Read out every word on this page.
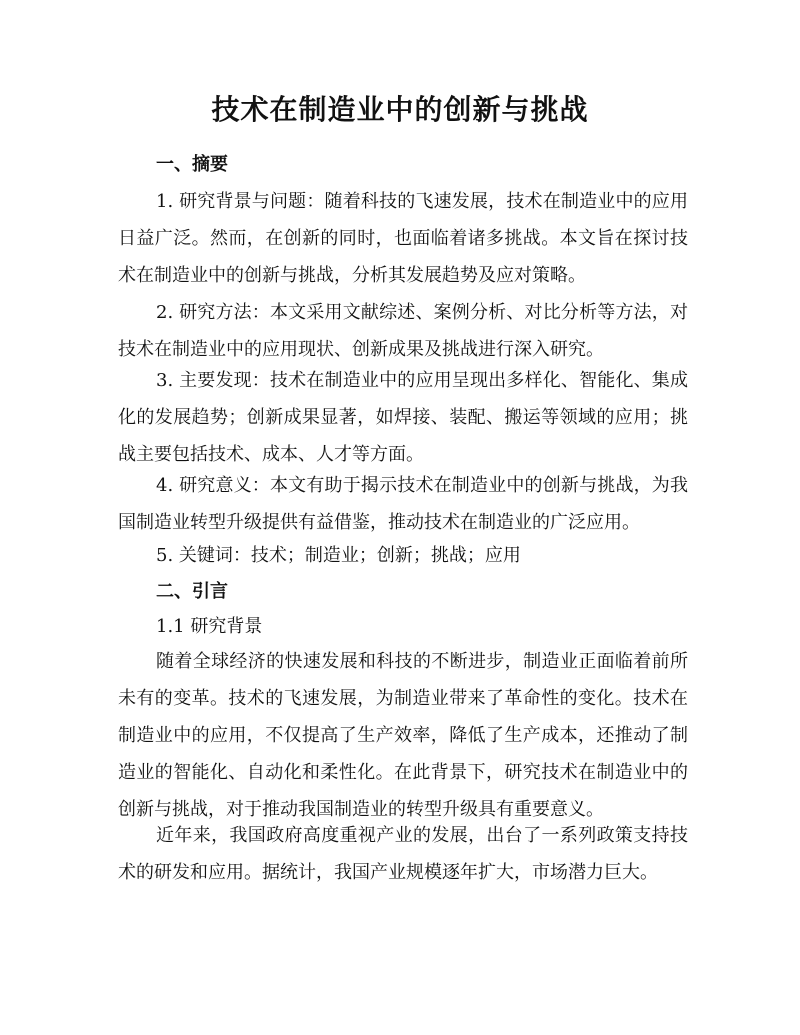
技术在制造业中的创新与挑战

一、摘要

1. 研究背景与问题：随着科技的飞速发展，技术在制造业中的应用日益广泛。然而，在创新的同时，也面临着诸多挑战。本文旨在探讨技术在制造业中的创新与挑战，分析其发展趋势及应对策略。

2. 研究方法：本文采用文献综述、案例分析、对比分析等方法，对技术在制造业中的应用现状、创新成果及挑战进行深入研究。

3. 主要发现：技术在制造业中的应用呈现出多样化、智能化、集成化的发展趋势；创新成果显著，如焊接、装配、搬运等领域的应用；挑战主要包括技术、成本、人才等方面。

4. 研究意义：本文有助于揭示技术在制造业中的创新与挑战，为我国制造业转型升级提供有益借鉴，推动技术在制造业的广泛应用。

5. 关键词：技术；制造业；创新；挑战；应用

二、引言

1.1 研究背景

随着全球经济的快速发展和科技的不断进步，制造业正面临着前所未有的变革。技术的飞速发展，为制造业带来了革命性的变化。技术在制造业中的应用，不仅提高了生产效率，降低了生产成本，还推动了制造业的智能化、自动化和柔性化。在此背景下，研究技术在制造业中的创新与挑战，对于推动我国制造业的转型升级具有重要意义。

近年来，我国政府高度重视产业的发展，出台了一系列政策支持技术的研发和应用。据统计，我国产业规模逐年扩大，市场潜力巨大。
